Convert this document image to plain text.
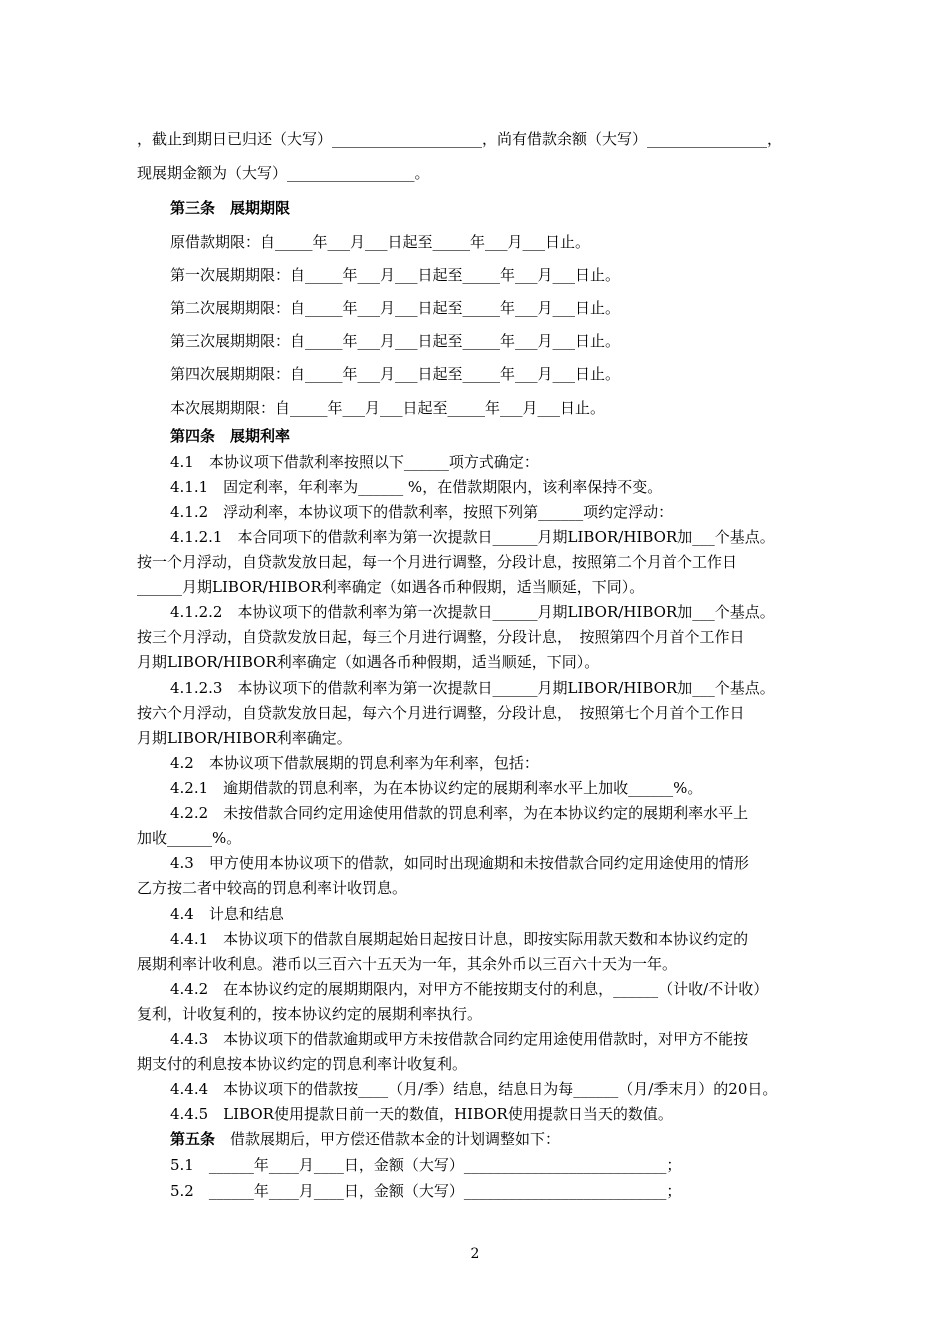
，截止到期日已归还（大写）____________________，尚有借款余额（大写）________________，
现展期金额为（大写）_________________。
第三条　展期期限
原借款期限：自_____年___月___日起至_____年___月___日止。
第一次展期期限：自_____年___月___日起至_____年___月___日止。
第二次展期期限：自_____年___月___日起至_____年___月___日止。
第三次展期期限：自_____年___月___日起至_____年___月___日止。
第四次展期期限：自_____年___月___日起至_____年___月___日止。
本次展期期限：自_____年___月___日起至_____年___月___日止。
第四条　展期利率
4.1　本协议项下借款利率按照以下______项方式确定：
4.1.1　固定利率，年利率为______ %，在借款期限内，该利率保持不变。
4.1.2　浮动利率，本协议项下的借款利率，按照下列第______项约定浮动：
4.1.2.1　本合同项下的借款利率为第一次提款日______月期LIBOR/HIBOR加___个基点。
按一个月浮动，自贷款发放日起，每一个月进行调整，分段计息，按照第二个月首个工作日
______月期LIBOR/HIBOR利率确定（如遇各币种假期，适当顺延，下同）。
4.1.2.2　本协议项下的借款利率为第一次提款日______月期LIBOR/HIBOR加___个基点。
按三个月浮动，自贷款发放日起，每三个月进行调整，分段计息，　按照第四个月首个工作日
月期LIBOR/HIBOR利率确定（如遇各币种假期，适当顺延，下同）。
4.1.2.3　本协议项下的借款利率为第一次提款日______月期LIBOR/HIBOR加___个基点。
按六个月浮动，自贷款发放日起，每六个月进行调整，分段计息，　按照第七个月首个工作日
月期LIBOR/HIBOR利率确定。
4.2　本协议项下借款展期的罚息利率为年利率，包括：
4.2.1　逾期借款的罚息利率，为在本协议约定的展期利率水平上加收______%。
4.2.2　未按借款合同约定用途使用借款的罚息利率，为在本协议约定的展期利率水平上
加收______%。
4.3　甲方使用本协议项下的借款，如同时出现逾期和未按借款合同约定用途使用的情形
乙方按二者中较高的罚息利率计收罚息。
4.4　计息和结息
4.4.1　本协议项下的借款自展期起始日起按日计息，即按实际用款天数和本协议约定的
展期利率计收利息。港币以三百六十五天为一年，其余外币以三百六十天为一年。
4.4.2　在本协议约定的展期期限内，对甲方不能按期支付的利息，______（计收/不计收）
复利，计收复利的，按本协议约定的展期利率执行。
4.4.3　本协议项下的借款逾期或甲方未按借款合同约定用途使用借款时，对甲方不能按
期支付的利息按本协议约定的罚息利率计收复利。
4.4.4　本协议项下的借款按____（月/季）结息，结息日为每______（月/季末月）的20日。
4.4.5　LIBOR使用提款日前一天的数值，HIBOR使用提款日当天的数值。
第五条　借款展期后，甲方偿还借款本金的计划调整如下：
5.1　______年____月____日，金额（大写）___________________________；
5.2　______年____月____日，金额（大写）___________________________；
2
